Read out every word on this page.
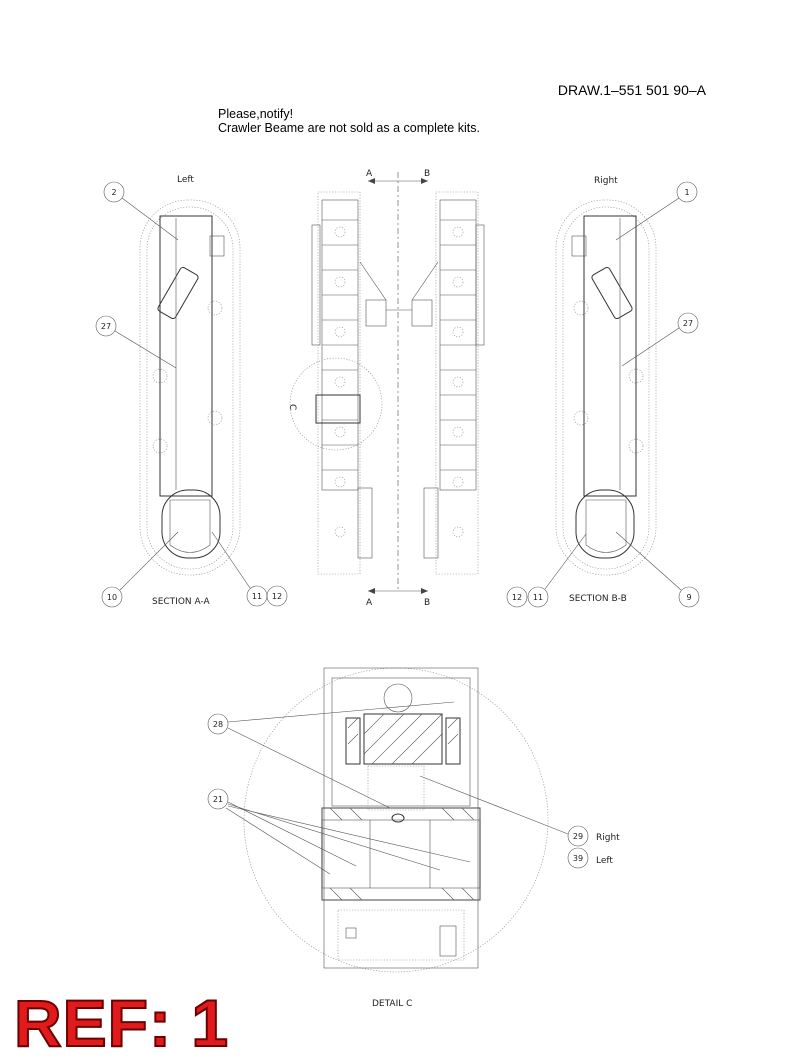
DRAW.1–551 501 90–A
Please,notify!
Crawler Beame are not sold as a complete kits.
Left
2
27
10	11 12
SECTION A-A
C
A	B
A	B
Right
1
27
12 11	9
SECTION B-B
28
21
29 Right
39 Left
DETAIL C
REF: 1
